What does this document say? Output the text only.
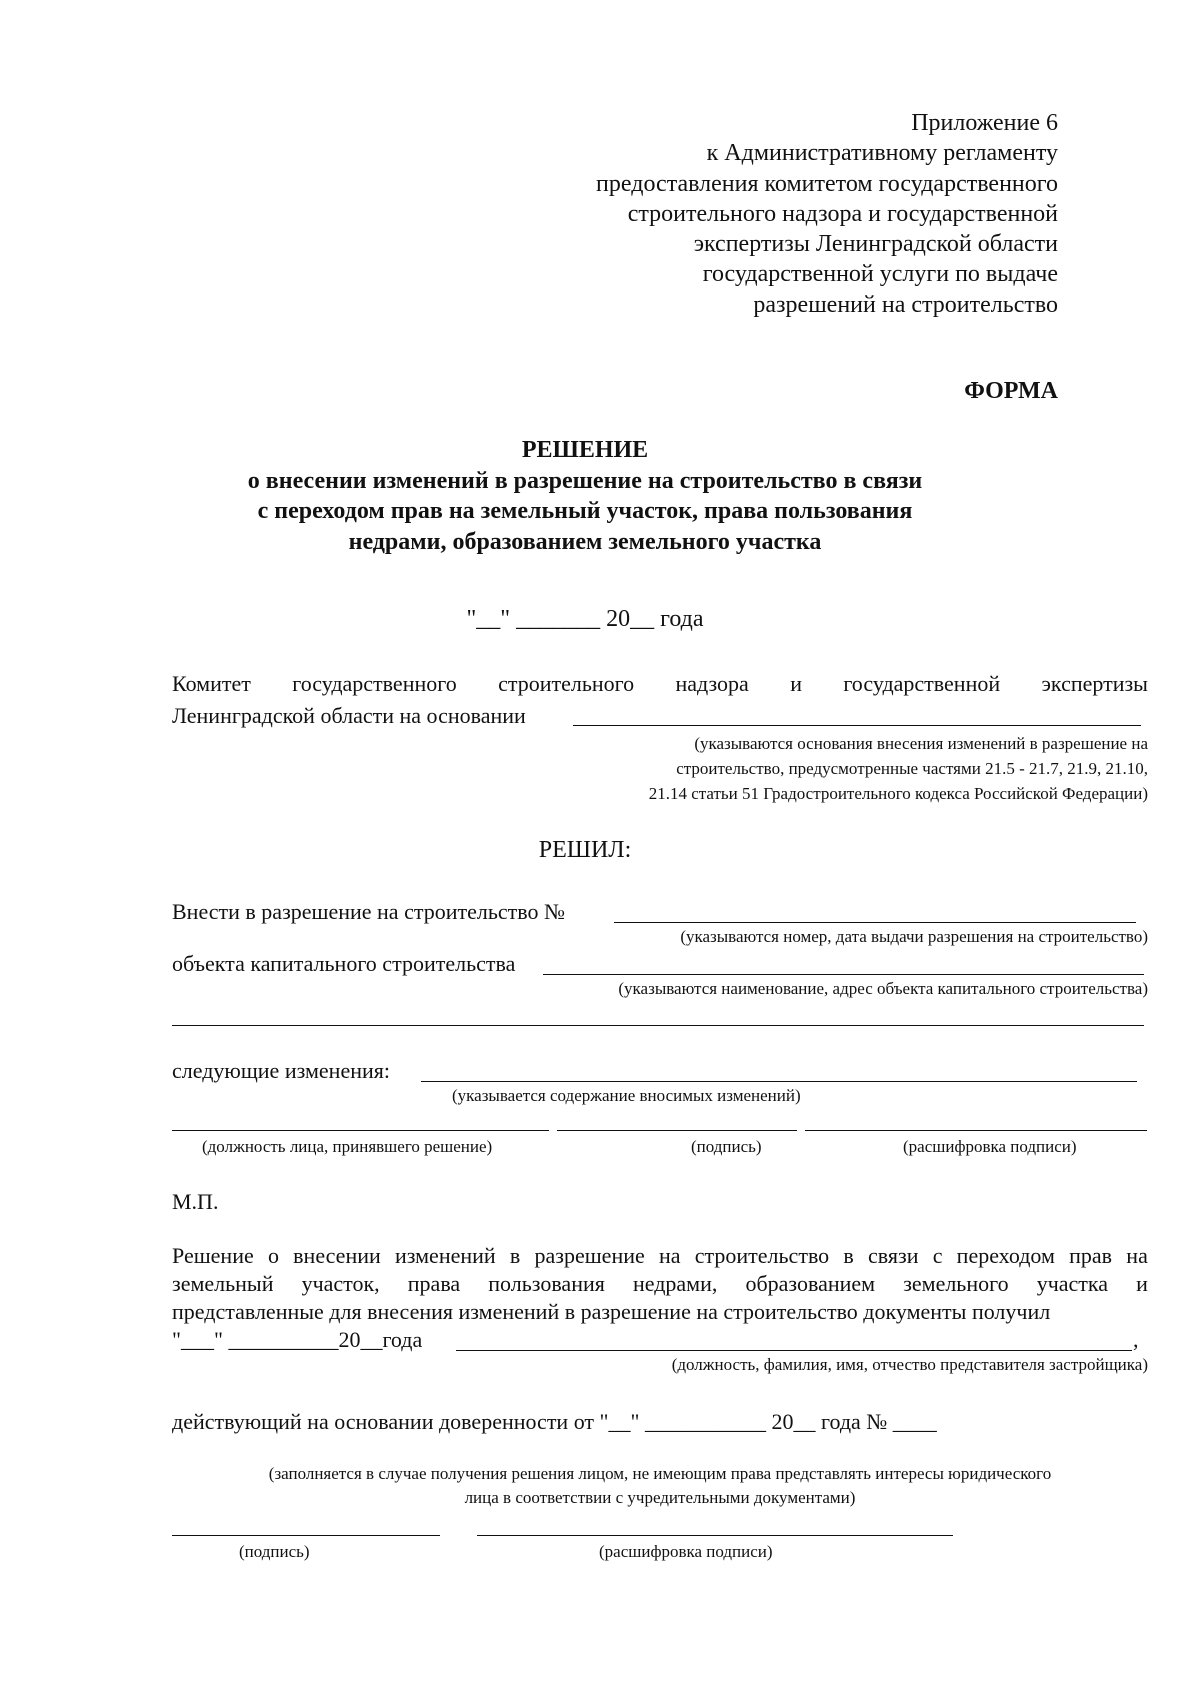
Приложение 6
к Административному регламенту
предоставления комитетом государственного
строительного надзора и государственной
экспертизы Ленинградской области
государственной услуги по выдаче
разрешений на строительство
ФОРМА
РЕШЕНИЕ
о внесении изменений в разрешение на строительство в связи
с переходом прав на земельный участок, права пользования
недрами, образованием земельного участка
"__" _______ 20__ года
Комитет государственного строительного надзора и государственной экспертизы
Ленинградской области на основании
(указываются основания внесения изменений в разрешение на
строительство, предусмотренные частями 21.5 - 21.7, 21.9, 21.10,
21.14 статьи 51 Градостроительного кодекса Российской Федерации)
РЕШИЛ:
Внести в разрешение на строительство №
(указываются номер, дата выдачи разрешения на строительство)
объекта капитального строительства
(указываются наименование, адрес объекта капитального строительства)
следующие изменения:
(указывается содержание вносимых изменений)
(должность лица, принявшего решение)	(подпись)	(расшифровка подписи)
М.П.
Решение о внесении изменений в разрешение на строительство в связи с переходом прав на
земельный участок, права пользования недрами, образованием земельного участка и
представленные для внесения изменений в разрешение на строительство документы получил
"___" __________20__года	,
(должность, фамилия, имя, отчество представителя застройщика)
действующий на основании доверенности от "__" ___________ 20__ года № ____
(заполняется в случае получения решения лицом, не имеющим права представлять интересы юридического
лица в соответствии с учредительными документами)
(подпись)	(расшифровка подписи)
